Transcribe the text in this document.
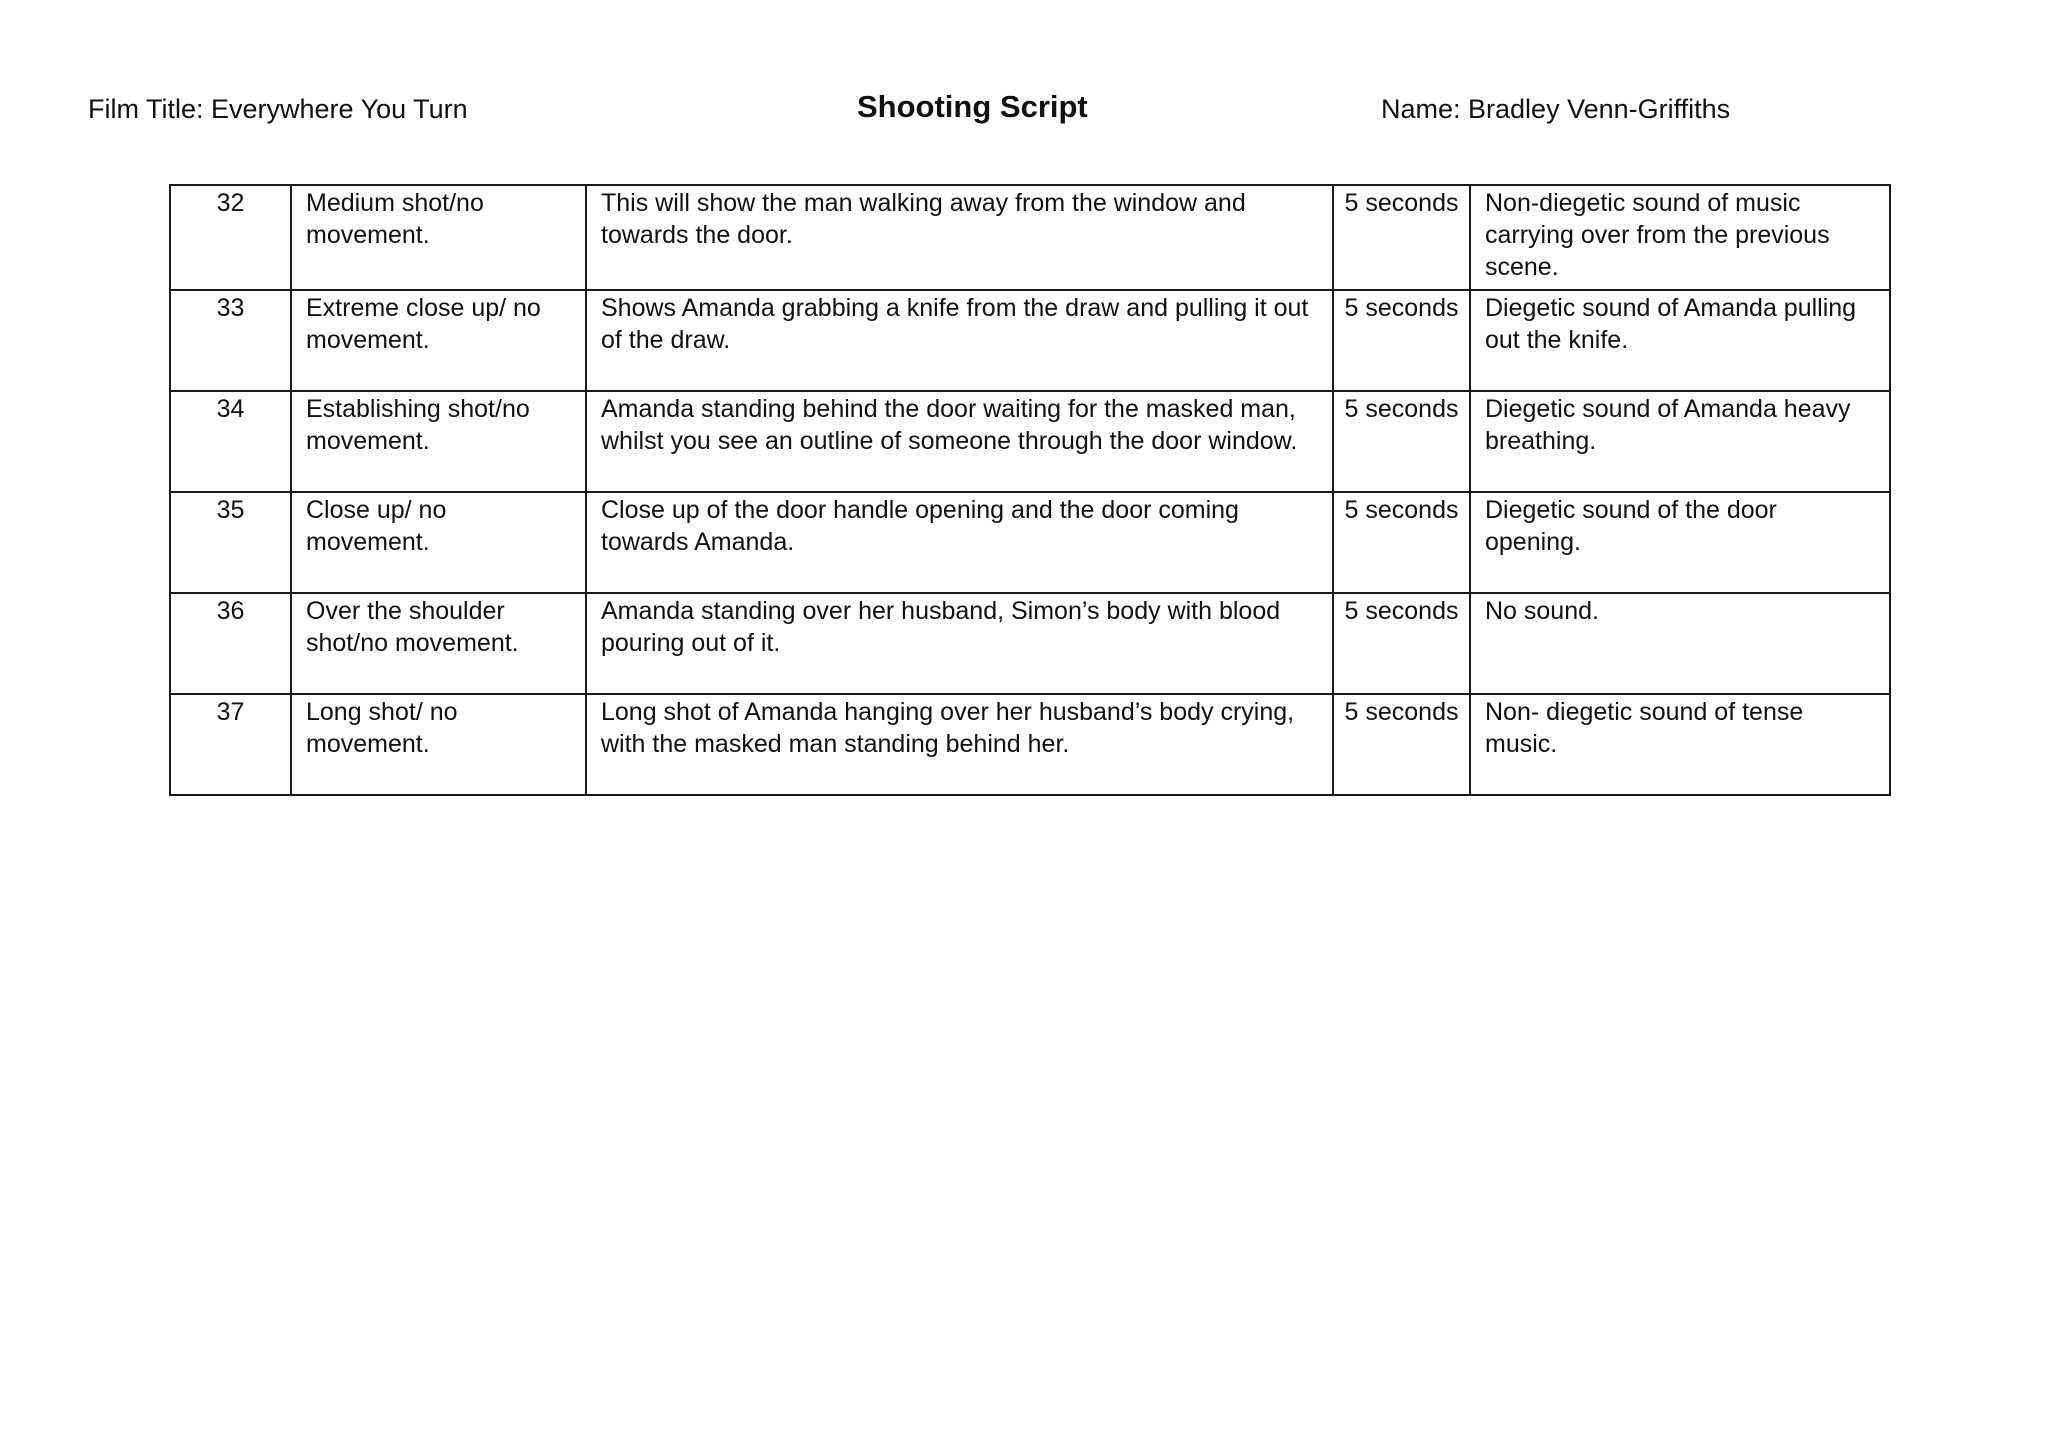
Film Title: Everywhere You Turn	Shooting Script	Name: Bradley Venn-Griffiths
32	Medium shot/no movement.	This will show the man walking away from the window and towards the door.	5 seconds	Non-diegetic sound of music carrying over from the previous scene.
33	Extreme close up/ no movement.	Shows Amanda grabbing a knife from the draw and pulling it out of the draw.	5 seconds	Diegetic sound of Amanda pulling out the knife.
34	Establishing shot/no movement.	Amanda standing behind the door waiting for the masked man, whilst you see an outline of someone through the door window.	5 seconds	Diegetic sound of Amanda heavy breathing.
35	Close up/ no movement.	Close up of the door handle opening and the door coming towards Amanda.	5 seconds	Diegetic sound of the door opening.
36	Over the shoulder shot/no movement.	Amanda standing over her husband, Simon’s body with blood pouring out of it.	5 seconds	No sound.
37	Long shot/ no movement.	Long shot of Amanda hanging over her husband’s body crying, with the masked man standing behind her.	5 seconds	Non- diegetic sound of tense music.
